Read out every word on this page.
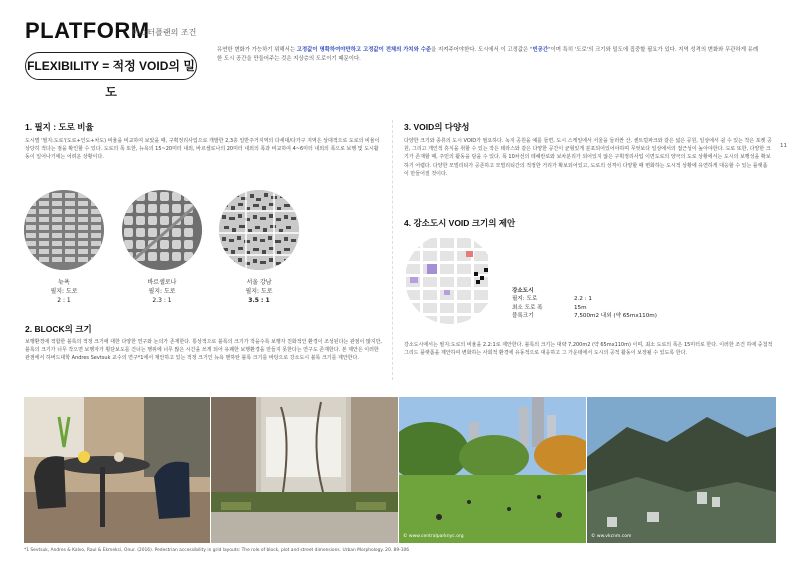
PLATFORM
마스터플랜의 조건
FLEXIBILITY = 적정 VOID의 밀도
유연한 변화가 가능하기 위해서는 고정값이 명확하여야만하고 고정값이 전체의 가치와 수준을 지켜주어야한다. 도시에서 이 고정값은 "빈공간"이며 특히 '도로'의 크기와 밀도에 집중할 필요가 있다. 지역 성격의 변화와 무관하게 유례한 도시 공간을 만들어주는 것은 지상층의 도로이기 때문이다.
11
1. 필지 : 도로 비율
도시별 '필지:도로'(도로+인도+차도) 비율을 비교하여 보았을 때, 구획정리사업으로 개발한 2,3층 일반주거지역의 다세대/다가구 지역은 상대적으로 도로의 비율이 상당히 적다는 점을 확인할 수 있다. 도로의 폭 또한, 뉴욕의 15~20미터 내외, 바르셀로나의 20미터 내외의 폭과 비교하여 4~6미터 내외의 폭으로 보행 및 도시활동이 일어나기에는 어려운 상황이다.
뉴욕
필지: 도로
2 : 1
바르셀로나
필지: 도로
2.3 : 1
서울 강남
필지: 도로
3.5 : 1
2. BLOCK의 크기
보행환경에 적합한 블록의 적정 크기에 대한 다양한 연구와 논의가 존재한다. 통상적으로 블록의 크기가 작을수록 보행자 친화적인 환경이 조성된다는 관점이 많지만, 블록의 크기가 너무 작으면 보행자가 횡단보도를 건너는 행위에 너무 많은 시간을 쓰게 되어 유쾌한 보행환경을 만들지 못한다는 연구도 존재한다. 본 제안은 이러한 관점에서 하버드대학 Andres Sevtsuk 교수의 연구*1에서 제안하고 있는 적정 크기인 뉴욕 맨하탄 블록 크기를 바탕으로 강소도시 블록 크기를 제안한다.
3. VOID의 다양성
다양한 크기와 종류의 도시 VOID가 필요하다. 녹지 공원을 예를 들면, 도시 스케일에서 서울을 둘러싼 산, 센트럴파크와 같은 넓은 공원, 일상에서 쉴 수 있는 작은 포켓 공원, 그리고 개인적 휴식을 취할 수 있는 작은 테라스와 같은 다양한 공간이 균형있게 분포되어있어야하며 무엇보다 일상에서의 접근성이 높아야한다. 도로 또한, 다양한 크기가 존재할 때, 주민의 활동을 담을 수 있다. 폭 10차선의 테헤란로와 보차분리가 되어있지 않은 구획정리사업 이면도로의 양극의 도로 상황에서는 도시의 보행성을 확보하기 어렵다. 다양한 모빌리티가 공존하고 모빌리티간의 적정한 거리가 확보되어있고, 도로의 성격이 다양할 때 변화하는 도시적 상황에 유연하게 대응할 수 있는 플랫폼이 만들어질 것이다.
4. 강소도시 VOID 크기의 제안
강소도시
필지: 도로	2.2 : 1
최소 도로 폭	15m
블록크기	7,500m2 내외 (약 65mx110m)
강소도시에서는 필지:도로의 비율을 2.2:1로 제안한다. 블록의 크기는 대략 7,200m2 (약 65mx110m) 이며, 최소 도로의 폭은 15미터로 한다. 이러한 조건 하에 중첩적 그리드 플랫폼을 제안하여 변화하는 사회적 환경에 유동적으로 대응하고 그 가운데에서 도시의 공적 활동이 보장될 수 있도록 한다.
© www.centralparknyc.org	© ww.vkcnm.com
*1 Sevtsuk, Andres & Kalvo, Raul & Ekmekci, Onur. (2016). Pedestrian accessibility in grid layouts: The role of block, plot and street dimensions. Urban Morphology. 20. 89-106
